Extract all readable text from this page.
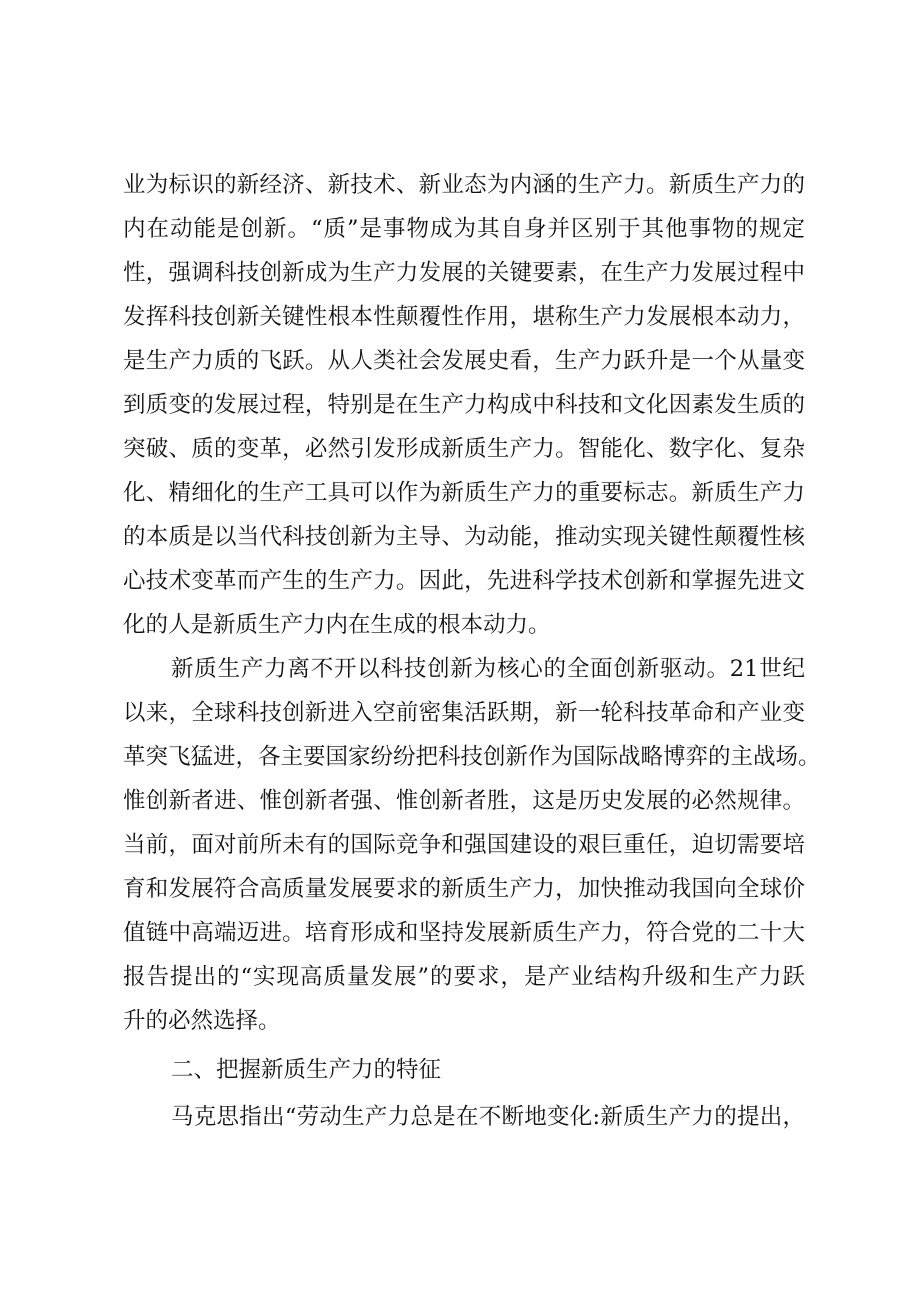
业为标识的新经济、新技术、新业态为内涵的生产力。新质生产力的
内在动能是创新。“质”是事物成为其自身并区别于其他事物的规定
性，强调科技创新成为生产力发展的关键要素，在生产力发展过程中
发挥科技创新关键性根本性颠覆性作用，堪称生产力发展根本动力，
是生产力质的飞跃。从人类社会发展史看，生产力跃升是一个从量变
到质变的发展过程，特别是在生产力构成中科技和文化因素发生质的
突破、质的变革，必然引发形成新质生产力。智能化、数字化、复杂
化、精细化的生产工具可以作为新质生产力的重要标志。新质生产力
的本质是以当代科技创新为主导、为动能，推动实现关键性颠覆性核
心技术变革而产生的生产力。因此，先进科学技术创新和掌握先进文
化的人是新质生产力内在生成的根本动力。
新质生产力离不开以科技创新为核心的全面创新驱动。21世纪
以来，全球科技创新进入空前密集活跃期，新一轮科技革命和产业变
革突飞猛进，各主要国家纷纷把科技创新作为国际战略博弈的主战场。
惟创新者进、惟创新者强、惟创新者胜，这是历史发展的必然规律。
当前，面对前所未有的国际竞争和强国建设的艰巨重任，迫切需要培
育和发展符合高质量发展要求的新质生产力，加快推动我国向全球价
值链中高端迈进。培育形成和坚持发展新质生产力，符合党的二十大
报告提出的“实现高质量发展”的要求，是产业结构升级和生产力跃
升的必然选择。
二、把握新质生产力的特征
马克思指出“劳动生产力总是在不断地变化:新质生产力的提出，
